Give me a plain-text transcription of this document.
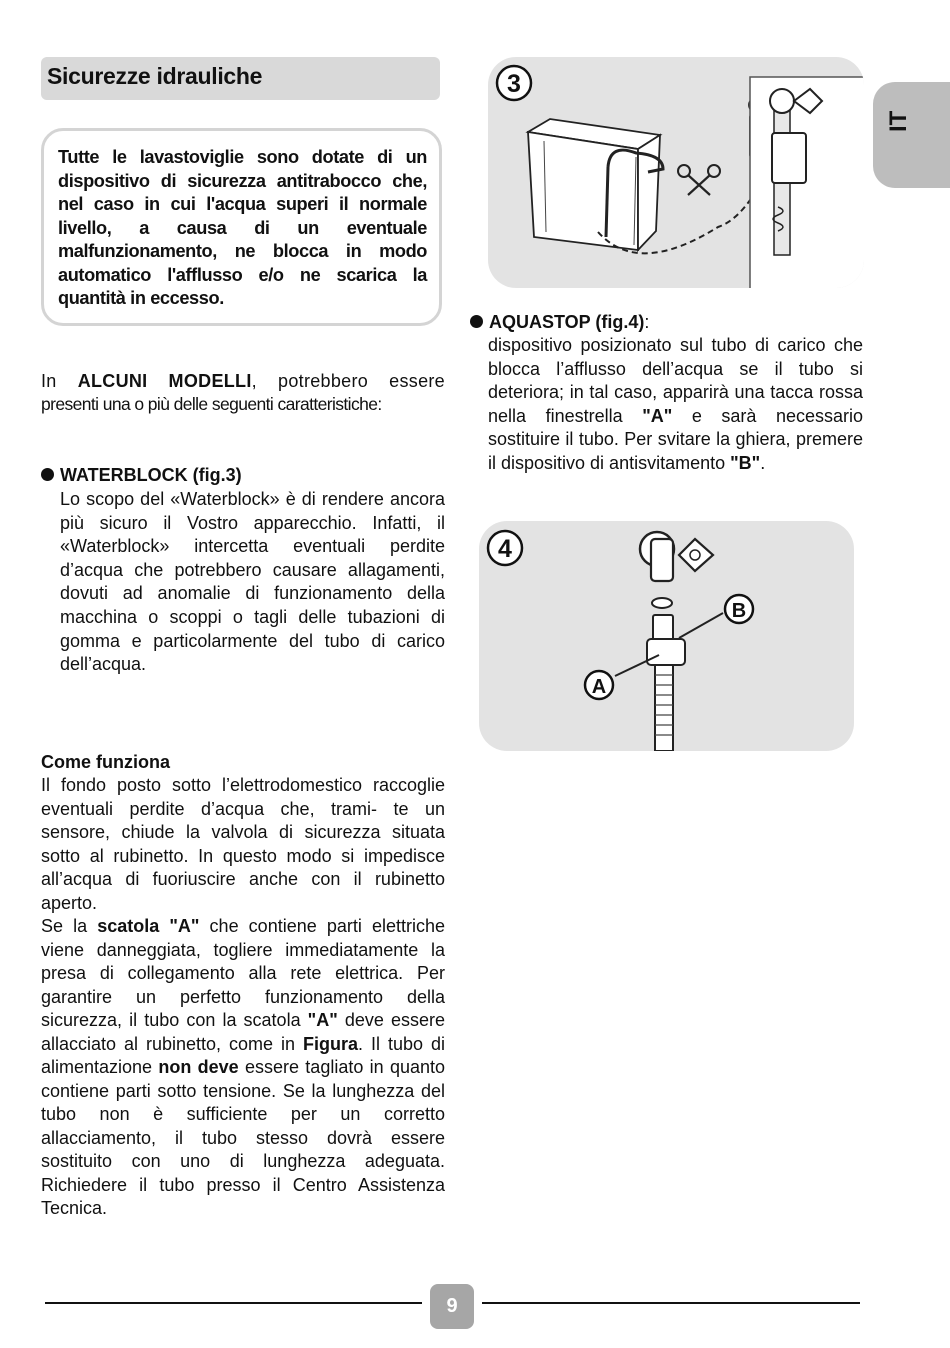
Sicurezze idrauliche

Tutte le lavastoviglie sono dotate di un dispositivo di sicurezza antitrabocco che, nel caso in cui l'acqua superi il normale livello, a causa di un eventuale malfunzionamento, ne blocca in modo automatico l'afflusso e/o ne scarica la quantità in eccesso.

In ALCUNI MODELLI, potrebbero essere
presenti una o più delle seguenti caratteristiche:
WATERBLOCK (fig.3)

Lo scopo del «Waterblock» è di rendere ancora più sicuro il Vostro apparecchio. Infatti, il «Waterblock» intercetta eventuali perdite d’acqua che potrebbero causare allagamenti, dovuti ad anomalie di funzionamento della macchina o scoppi o tagli delle tubazioni di gomma e particolarmente del tubo di carico dell’acqua.

Come funziona
Il fondo posto sotto l’elettrodomestico raccoglie eventuali perdite d’acqua che, trami- te un sensore, chiude la valvola di sicurezza situata sotto al rubinetto. In questo modo si impedisce all’acqua di fuoriuscire anche con il rubinetto aperto.
Se la scatola "A" che contiene parti elettriche viene danneggiata, togliere immediatamente la presa di collegamento alla rete elettrica. Per garantire un perfetto funzionamento della sicurezza, il tubo con la scatola "A" deve essere allacciato al rubinetto, come in Figura. Il tubo di alimentazione non deve essere tagliato in quanto contiene parti sotto tensione. Se la lunghezza del tubo non è sufficiente per un corretto allacciamento, il tubo stesso dovrà essere sostituito con uno di lunghezza adeguata. Richiedere il tubo presso il Centro Assistenza Tecnica.
3
AQUASTOP (fig.4):

dispositivo posizionato sul tubo di carico che blocca l’afflusso dell’acqua se il tubo si deteriora; in tal caso, apparirà una tacca rossa nella finestrella "A" e sarà necessario sostituire il tubo. Per svitare la ghiera, premere il dispositivo di antisvitamento "B".

4
A
B
IT
9
